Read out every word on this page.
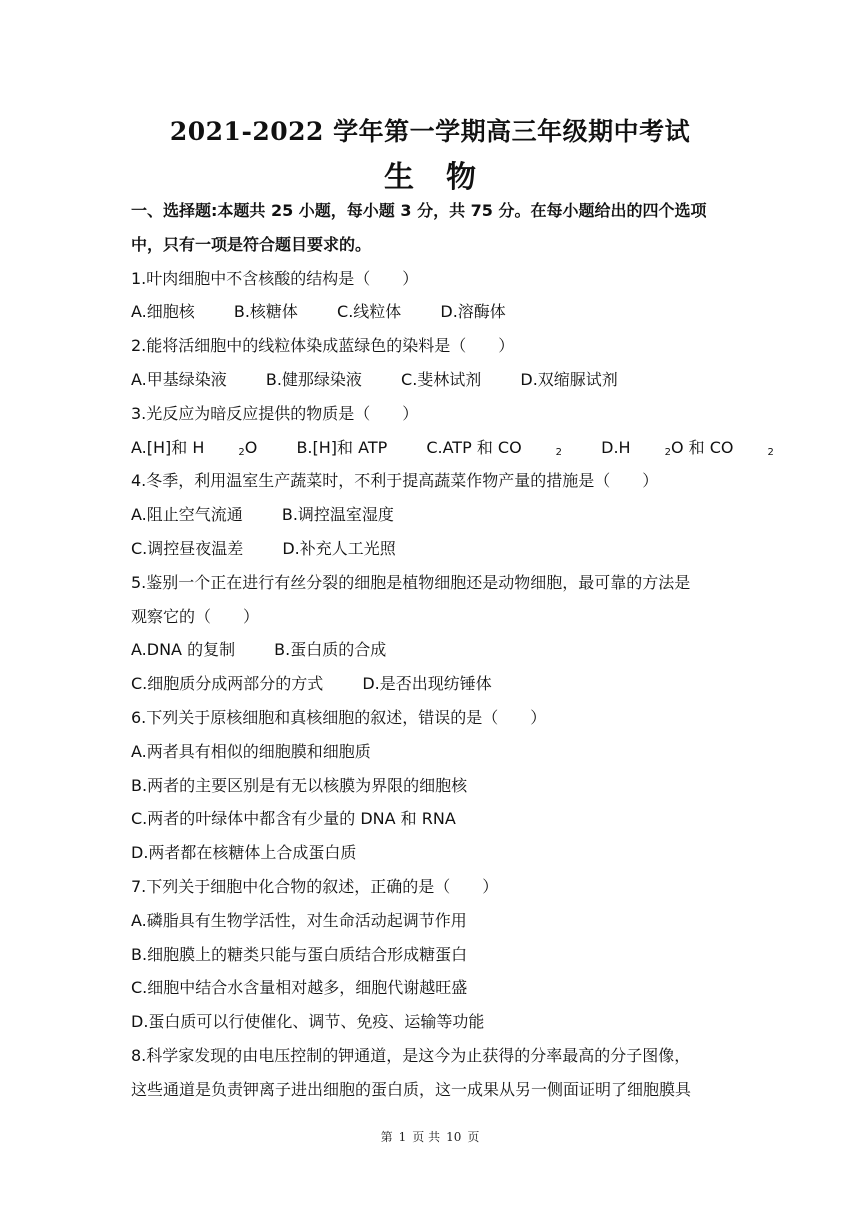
2021-2022 学年第一学期高三年级期中考试
生 物
一、选择题:本题共 25 小题，每小题 3 分，共 75 分。在每小题给出的四个选项
中，只有一项是符合题目要求的。
1.叶肉细胞中不含核酸的结构是（　　）
A.细胞核 B.核糖体 C.线粒体 D.溶酶体
2.能将活细胞中的线粒体染成蓝绿色的染料是（　　）
A.甲基绿染液 B.健那绿染液 C.斐林试剂 D.双缩脲试剂
3.光反应为暗反应提供的物质是（　　）
A.[H]和 H	$_2$O B.[H]和 ATP C.ATP 和 CO	$_2$ D.H	$_2$O 和 CO	$_2$
4.冬季，利用温室生产蔬菜时，不利于提高蔬菜作物产量的措施是（　　）
A.阻止空气流通 B.调控温室湿度
C.调控昼夜温差 D.补充人工光照
5.鉴别一个正在进行有丝分裂的细胞是植物细胞还是动物细胞，最可靠的方法是
观察它的（　　）
A.DNA 的复制 B.蛋白质的合成
C.细胞质分成两部分的方式 D.是否出现纺锤体
6.下列关于原核细胞和真核细胞的叙述，错误的是（　　）
A.两者具有相似的细胞膜和细胞质
B.两者的主要区别是有无以核膜为界限的细胞核
C.两者的叶绿体中都含有少量的 DNA 和 RNA
D.两者都在核糖体上合成蛋白质
7.下列关于细胞中化合物的叙述，正确的是（　　）
A.磷脂具有生物学活性，对生命活动起调节作用
B.细胞膜上的糖类只能与蛋白质结合形成糖蛋白
C.细胞中结合水含量相对越多，细胞代谢越旺盛
D.蛋白质可以行使催化、调节、免疫、运输等功能
8.科学家发现的由电压控制的钾通道，是这今为止获得的分率最高的分子图像，
这些通道是负责钾离子进出细胞的蛋白质，这一成果从另一侧面证明了细胞膜具
第 1 页 共 10 页
